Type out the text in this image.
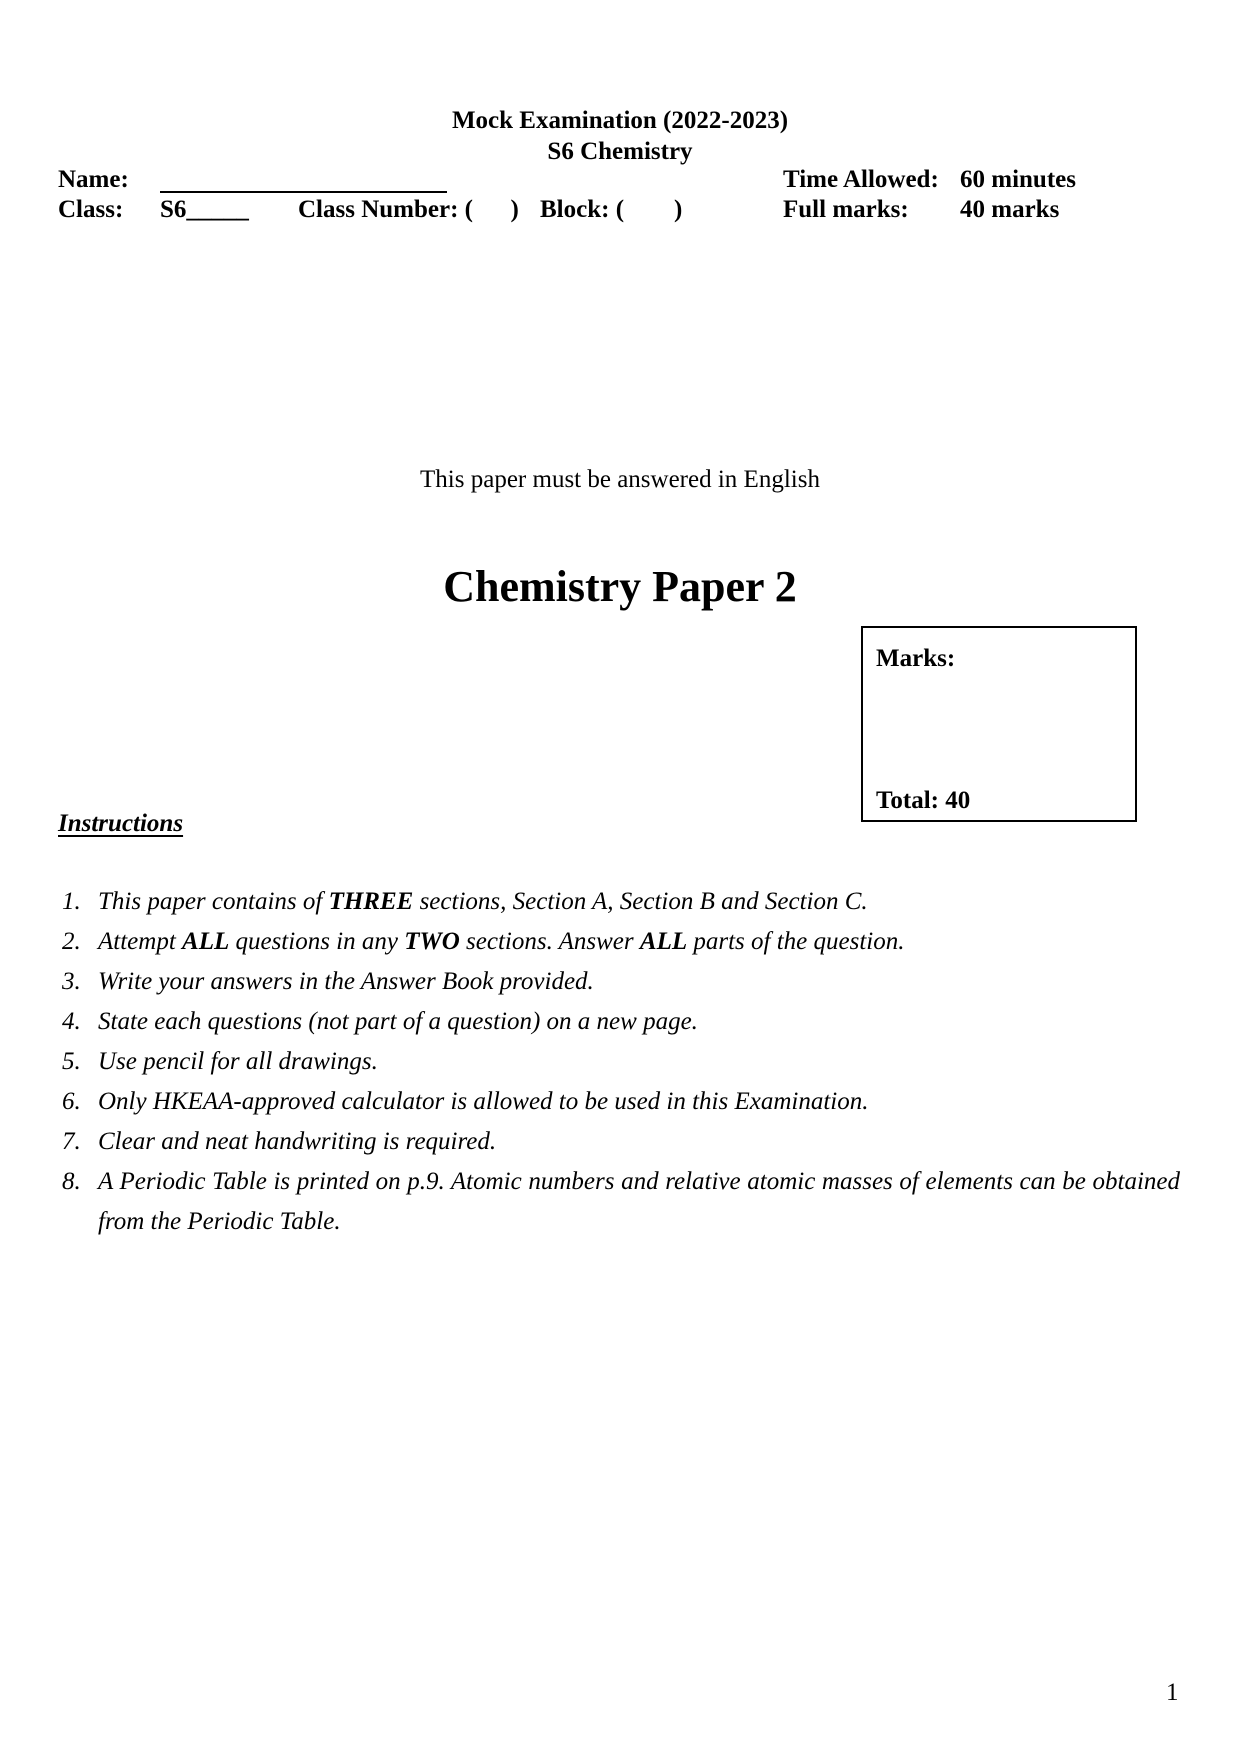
Mock Examination (2022-2023)
S6 Chemistry
Name:	Time Allowed: 60 minutes
Class: S6_____ Class Number: (      ) Block: (        )	Full marks: 40 marks
This paper must be answered in English
Chemistry Paper 2
Marks:
Total: 40
Instructions
1. This paper contains of THREE sections, Section A, Section B and Section C.
2. Attempt ALL questions in any TWO sections. Answer ALL parts of the question.
3. Write your answers in the Answer Book provided.
4. State each questions (not part of a question) on a new page.
5. Use pencil for all drawings.
6. Only HKEAA-approved calculator is allowed to be used in this Examination.
7. Clear and neat handwriting is required.
8. A Periodic Table is printed on p.9. Atomic numbers and relative atomic masses of elements can be obtained from the Periodic Table.
1
